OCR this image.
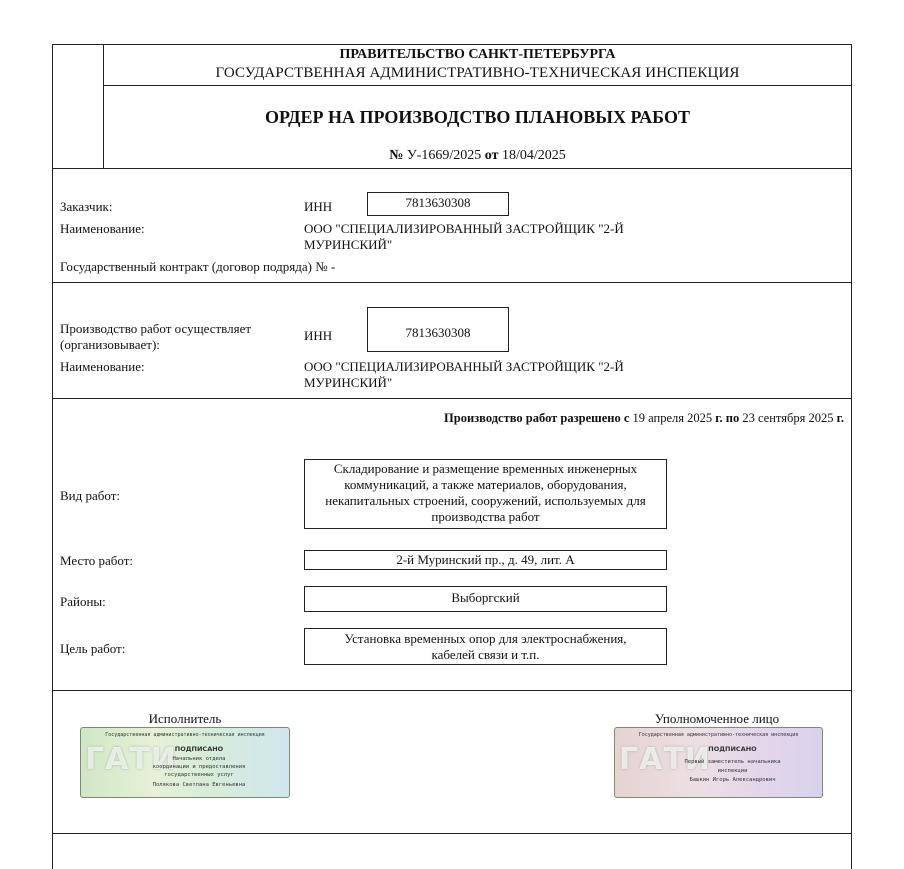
ПРАВИТЕЛЬСТВО САНКТ-ПЕТЕРБУРГА
ГОСУДАРСТВЕННАЯ АДМИНИСТРАТИВНО-ТЕХНИЧЕСКАЯ ИНСПЕКЦИЯ
ОРДЕР НА ПРОИЗВОДСТВО ПЛАНОВЫХ РАБОТ
№ У-1669/2025 от 18/04/2025
Заказчик:	ИНН	7813630308
Наименование:	ООО "СПЕЦИАЛИЗИРОВАННЫЙ ЗАСТРОЙЩИК "2-Й
МУРИНСКИЙ"
Государственный контракт (договор подряда) № -
Производство работ осуществляет
(организовывает):
ИНН	7813630308
Наименование:	ООО "СПЕЦИАЛИЗИРОВАННЫЙ ЗАСТРОЙЩИК "2-Й
МУРИНСКИЙ"
Производство работ разрешено с 19 апреля 2025 г. по 23 сентября 2025 г.
Вид работ:
Складирование и размещение временных инженерных
коммуникаций, а также материалов, оборудования,
некапитальных строений, сооружений, используемых для
производства работ
Место работ:	2-й Муринский пр., д. 49, лит. А
Районы:	Выборгский
Цель работ:
Установка временных опор для электроснабжения,
кабелей связи и т.п.
Исполнитель	Уполномоченное лицо
ГАТИ
Государственная административно-техническая инспекция
ПОДПИСАНО
Начальник отдела
координации и предоставления
государственных услуг
Полякова Светлана Евгеньевна
ГАТИ
Государственная административно-техническая инспекция
ПОДПИСАНО
Первый заместитель начальника
инспекции
Башкин Игорь Александрович
